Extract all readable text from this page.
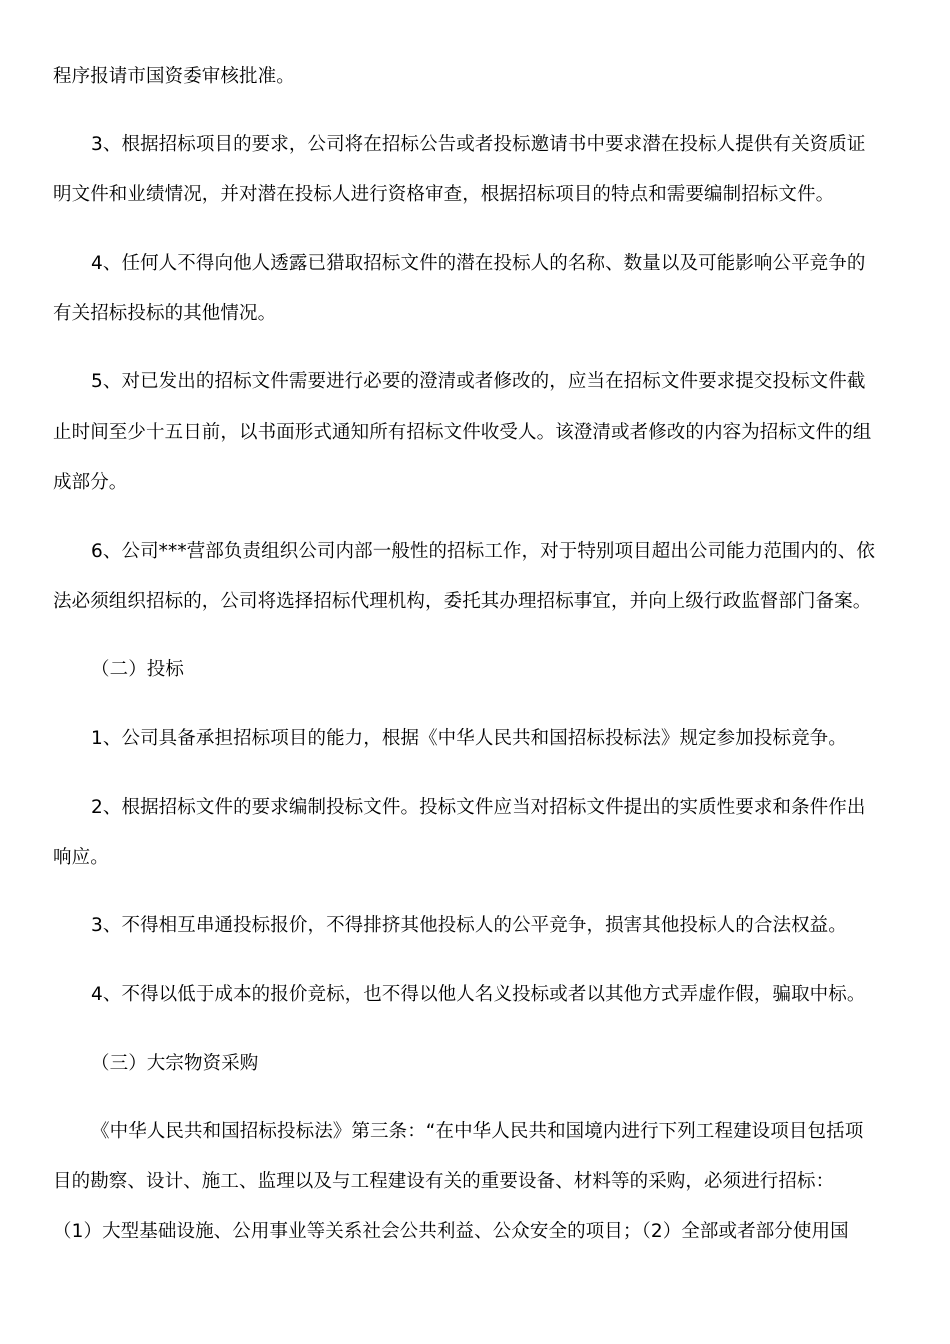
程序报请市国资委审核批准。
3、根据招标项目的要求，公司将在招标公告或者投标邀请书中要求潜在投标人提供有关资质证
明文件和业绩情况，并对潜在投标人进行资格审查，根据招标项目的特点和需要编制招标文件。
4、任何人不得向他人透露已猎取招标文件的潜在投标人的名称、数量以及可能影响公平竞争的
有关招标投标的其他情况。
5、对已发出的招标文件需要进行必要的澄清或者修改的，应当在招标文件要求提交投标文件截
止时间至少十五日前，以书面形式通知所有招标文件收受人。该澄清或者修改的内容为招标文件的组
成部分。
6、公司***营部负责组织公司内部一般性的招标工作，对于特别项目超出公司能力范围内的、依
法必须组织招标的，公司将选择招标代理机构，委托其办理招标事宜，并向上级行政监督部门备案。
（二）投标
1、公司具备承担招标项目的能力，根据《中华人民共和国招标投标法》规定参加投标竞争。
2、根据招标文件的要求编制投标文件。投标文件应当对招标文件提出的实质性要求和条件作出
响应。
3、不得相互串通投标报价，不得排挤其他投标人的公平竞争，损害其他投标人的合法权益。
4、不得以低于成本的报价竞标，也不得以他人名义投标或者以其他方式弄虚作假，骗取中标。
（三）大宗物资采购
《中华人民共和国招标投标法》第三条：“在中华人民共和国境内进行下列工程建设项目包括项
目的勘察、设计、施工、监理以及与工程建设有关的重要设备、材料等的采购，必须进行招标：
（1）大型基础设施、公用事业等关系社会公共利益、公众安全的项目；（2）全部或者部分使用国
